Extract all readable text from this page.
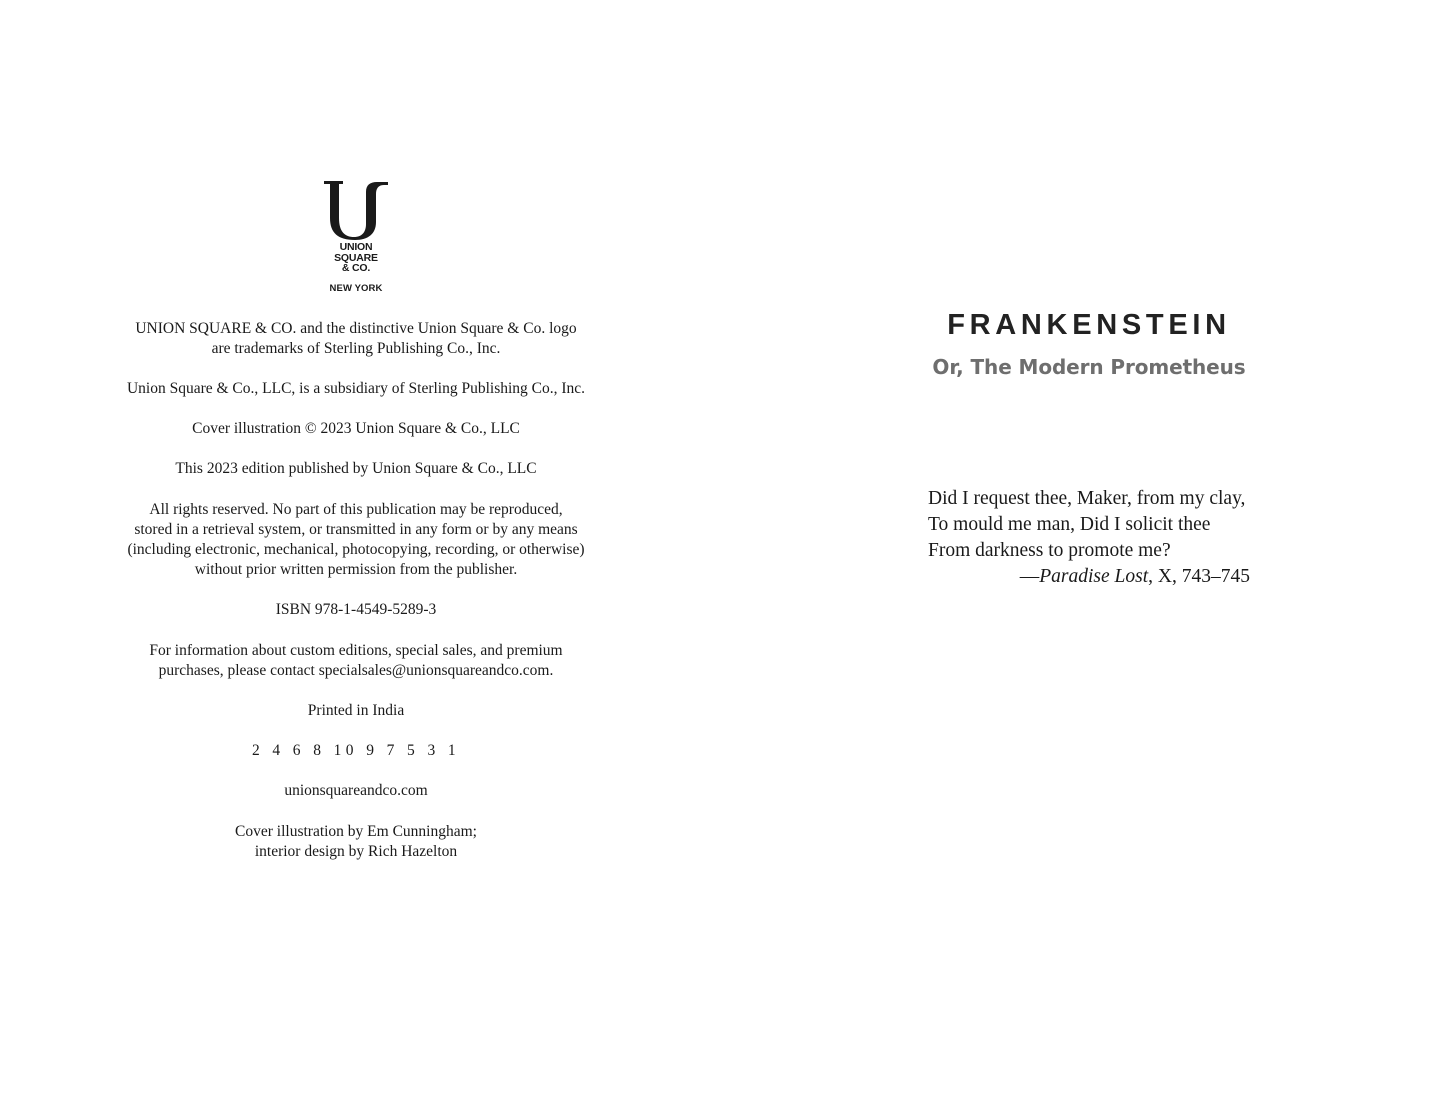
UNION
SQUARE
& CO.
NEW YORK

UNION SQUARE & CO. and the distinctive Union Square & Co. logo
are trademarks of Sterling Publishing Co., Inc.

Union Square & Co., LLC, is a subsidiary of Sterling Publishing Co., Inc.

Cover illustration © 2023 Union Square & Co., LLC

This 2023 edition published by Union Square & Co., LLC

All rights reserved. No part of this publication may be reproduced,
stored in a retrieval system, or transmitted in any form or by any means
(including electronic, mechanical, photocopying, recording, or otherwise)
without prior written permission from the publisher.

ISBN 978-1-4549-5289-3

For information about custom editions, special sales, and premium
purchases, please contact specialsales@unionsquareandco.com.

Printed in India

2 4 6 8 10 9 7 5 3 1

unionsquareandco.com

Cover illustration by Em Cunningham;
interior design by Rich Hazelton

FRANKENSTEIN
Or, The Modern Prometheus
Did I request thee, Maker, from my clay,
To mould me man, Did I solicit thee
From darkness to promote me?
—Paradise Lost, X, 743–745
